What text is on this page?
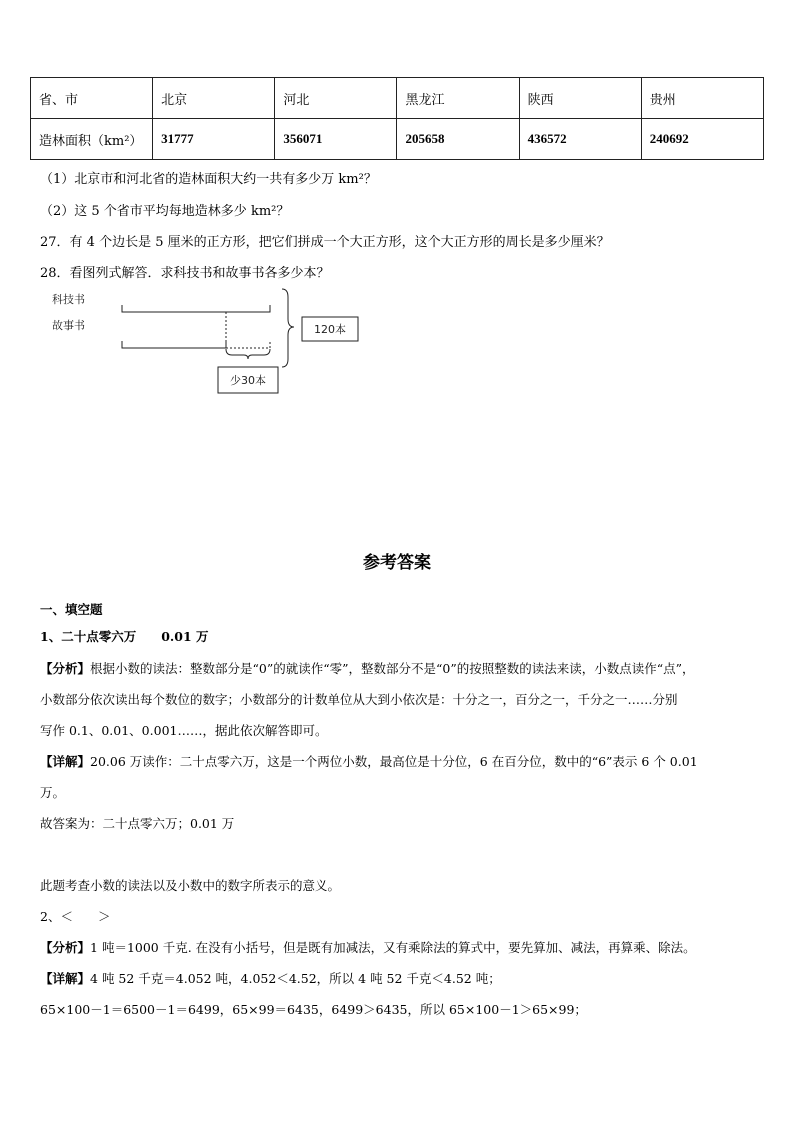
省、市	北京	河北	黑龙江	陕西	贵州
造林面积（km²）	31777	356071	205658	436572	240692
（1）北京市和河北省的造林面积大约一共有多少万 km²？
（2）这 5 个省市平均每地造林多少 km²？
27．有 4 个边长是 5 厘米的正方形，把它们拼成一个大正方形，这个大正方形的周长是多少厘米？
28．看图列式解答．求科技书和故事书各多少本？
科技书
故事书	120本
少30本
参考答案
一、填空题
1、二十点零六万　　0.01 万
【分析】根据小数的读法：整数部分是“0”的就读作“零”，整数部分不是“0”的按照整数的读法来读，小数点读作“点”，
小数部分依次读出每个数位的数字；小数部分的计数单位从大到小依次是：十分之一，百分之一，千分之一……分别
写作 0.1、0.01、0.001……，据此依次解答即可。
【详解】20.06 万读作：二十点零六万，这是一个两位小数，最高位是十分位，6 在百分位，数中的“6”表示 6 个 0.01
万。
故答案为：二十点零六万；0.01 万
此题考查小数的读法以及小数中的数字所表示的意义。
2、＜　　＞
【分析】1 吨＝1000 千克. 在没有小括号，但是既有加减法，又有乘除法的算式中，要先算加、减法，再算乘、除法。
【详解】4 吨 52 千克＝4.052 吨，4.052＜4.52，所以 4 吨 52 千克＜4.52 吨；
65×100－1＝6500－1＝6499，65×99＝6435，6499＞6435，所以 65×100－1＞65×99；
